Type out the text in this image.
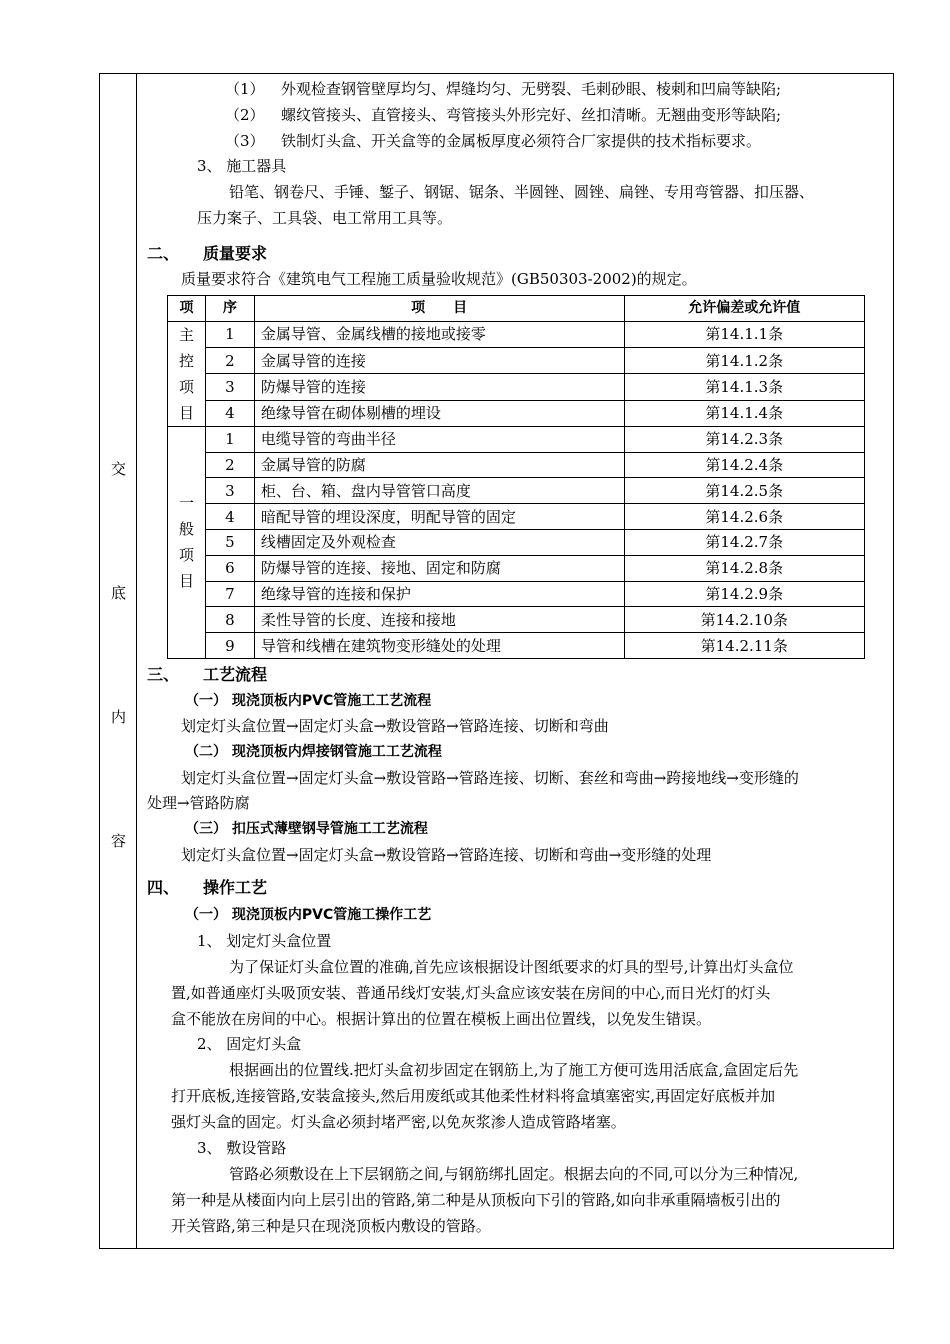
交
底
内
容
（1） 外观检查钢管壁厚均匀、焊缝均匀、无劈裂、毛刺砂眼、棱刺和凹扁等缺陷;
（2） 螺纹管接头、直管接头、弯管接头外形完好、丝扣清晰。无翘曲变形等缺陷;
（3） 铁制灯头盒、开关盒等的金属板厚度必须符合厂家提供的技术指标要求。
3、 施工器具
铅笔、钢卷尺、手锤、錾子、钢锯、锯条、半圆锉、圆锉、扁锉、专用弯管器、扣压器、
压力案子、工具袋、电工常用工具等。
二、 质量要求
质量要求符合《建筑电气工程施工质量验收规范》(GB50303-2002)的规定。
项	序	项　　目	允许偏差或允许值
主
控
项
目	1	金属导管、金属线槽的接地或接零	第14.1.1条
	2	金属导管的连接	第14.1.2条
	3	防爆导管的连接	第14.1.3条
	4	绝缘导管在砌体剔槽的埋设	第14.1.4条
一
般
项
目	1	电缆导管的弯曲半径	第14.2.3条
	2	金属导管的防腐	第14.2.4条
	3	柜、台、箱、盘内导管管口高度	第14.2.5条
	4	暗配导管的埋设深度，明配导管的固定	第14.2.6条
	5	线槽固定及外观检查	第14.2.7条
	6	防爆导管的连接、接地、固定和防腐	第14.2.8条
	7	绝缘导管的连接和保护	第14.2.9条
	8	柔性导管的长度、连接和接地	第14.2.10条
	9	导管和线槽在建筑物变形缝处的处理	第14.2.11条
三、 工艺流程
（一） 现浇顶板内PVC管施工工艺流程
划定灯头盒位置→固定灯头盒→敷设管路→管路连接、切断和弯曲
（二） 现浇顶板内焊接钢管施工工艺流程
划定灯头盒位置→固定灯头盒→敷设管路→管路连接、切断、套丝和弯曲→跨接地线→变形缝的
处理→管路防腐
（三） 扣压式薄壁钢导管施工工艺流程
划定灯头盒位置→固定灯头盒→敷设管路→管路连接、切断和弯曲→变形缝的处理
四、 操作工艺
（一） 现浇顶板内PVC管施工操作工艺
1、 划定灯头盒位置
为了保证灯头盒位置的准确,首先应该根据设计图纸要求的灯具的型号,计算出灯头盒位
置,如普通座灯头吸顶安装、普通吊线灯安装,灯头盒应该安装在房间的中心,而日光灯的灯头
盒不能放在房间的中心。根据计算出的位置在模板上画出位置线，以免发生错误。
2、 固定灯头盒
根据画出的位置线.把灯头盒初步固定在钢筋上,为了施工方便可选用活底盒,盒固定后先
打开底板,连接管路,安装盒接头,然后用废纸或其他柔性材料将盒填塞密实,再固定好底板并加
强灯头盒的固定。灯头盒必须封堵严密,以免灰浆渗人造成管路堵塞。
3、 敷设管路
管路必须敷设在上下层钢筋之间,与钢筋绑扎固定。根据去向的不同,可以分为三种情况,
第一种是从楼面内向上层引出的管路,第二种是从顶板向下引的管路,如向非承重隔墙板引出的
开关管路,第三种是只在现浇顶板内敷设的管路。
